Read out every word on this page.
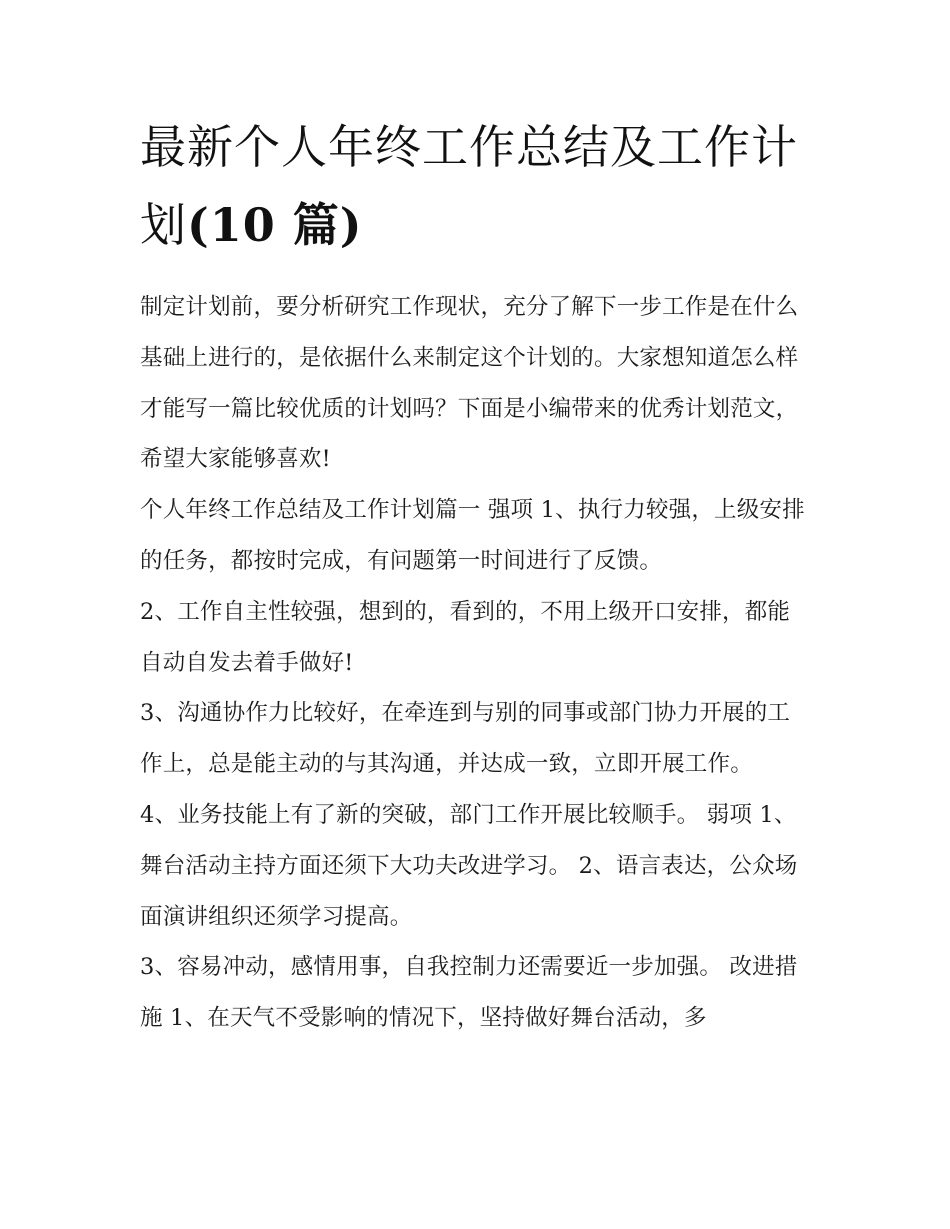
最新个人年终工作总结及工作计划(10 篇)

制定计划前，要分析研究工作现状，充分了解下一步工作是在什么基础上进行的，是依据什么来制定这个计划的。大家想知道怎么样才能写一篇比较优质的计划吗？下面是小编带来的优秀计划范文，希望大家能够喜欢!

个人年终工作总结及工作计划篇一 强项 1、执行力较强，上级安排的任务，都按时完成，有问题第一时间进行了反馈。

2、工作自主性较强，想到的，看到的，不用上级开口安排，都能自动自发去着手做好!

3、沟通协作力比较好，在牵连到与别的同事或部门协力开展的工作上，总是能主动的与其沟通，并达成一致，立即开展工作。

4、业务技能上有了新的突破，部门工作开展比较顺手。 弱项 1、舞台活动主持方面还须下大功夫改进学习。 2、语言表达，公众场面演讲组织还须学习提高。

3、容易冲动，感情用事，自我控制力还需要近一步加强。 改进措施 1、在天气不受影响的情况下，坚持做好舞台活动，多
